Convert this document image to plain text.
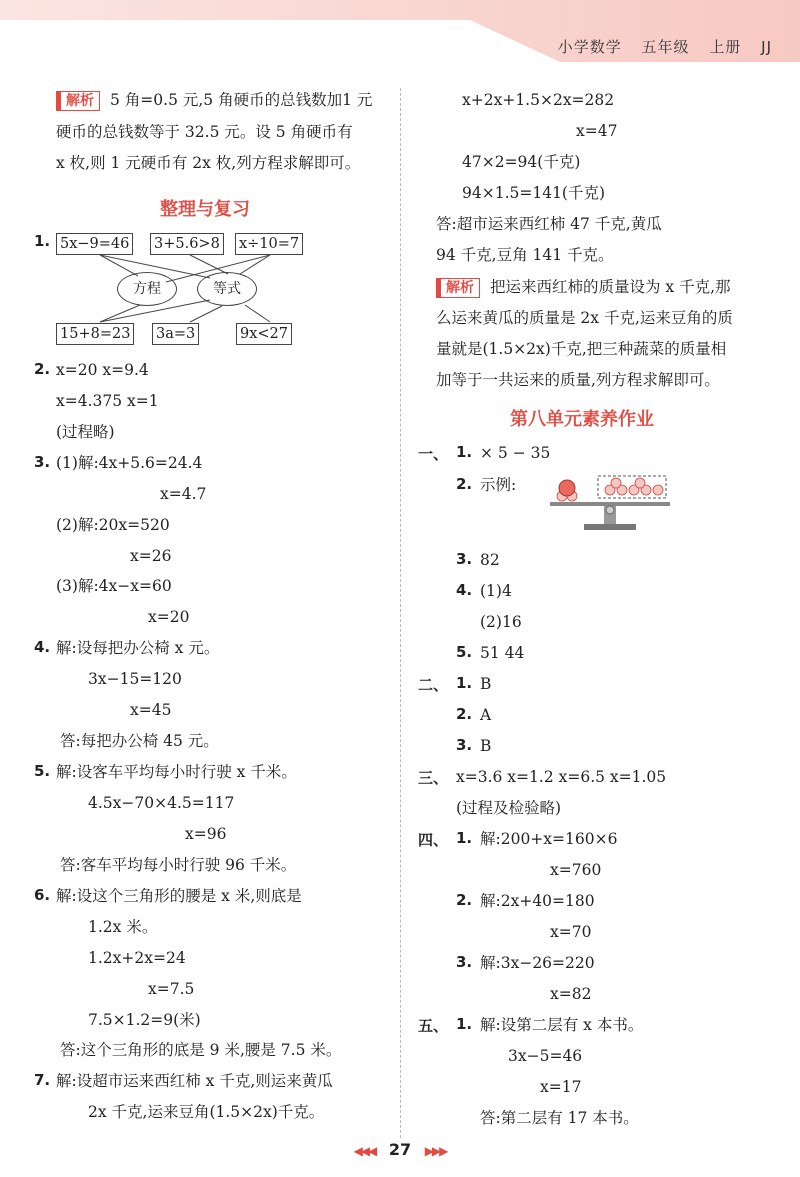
小学数学 五年级 上册 JJ
解析 5 角=0.5 元,5 角硬币的总钱数加1 元
硬币的总钱数等于 32.5 元。设 5 角硬币有
x 枚,则 1 元硬币有 2x 枚,列方程求解即可。
整理与复习
1. 5x−9=46 3+5.6>8 x÷10=7
方程	等式
15+8=23 3a=3	9x<27
2. x=20 x=9.4
x=4.375 x=1
(过程略)
3. (1)解:4x+5.6=24.4
x=4.7
(2)解:20x=520
x=26
(3)解:4x−x=60
x=20
4. 解:设每把办公椅 x 元。
3x−15=120
x=45
答:每把办公椅 45 元。
5. 解:设客车平均每小时行驶 x 千米。
4.5x−70×4.5=117
x=96
答:客车平均每小时行驶 96 千米。
6. 解:设这个三角形的腰是 x 米,则底是
1.2x 米。
1.2x+2x=24
x=7.5
7.5×1.2=9(米)
答:这个三角形的底是 9 米,腰是 7.5 米。
7. 解:设超市运来西红柿 x 千克,则运来黄瓜
2x 千克,运来豆角(1.5×2x)千克。
x+2x+1.5×2x=282
x=47
47×2=94(千克)
94×1.5=141(千克)
答:超市运来西红柿 47 千克,黄瓜
94 千克,豆角 141 千克。
解析 把运来西红柿的质量设为 x 千克,那
么运来黄瓜的质量是 2x 千克,运来豆角的质
量就是(1.5×2x)千克,把三种蔬菜的质量相
加等于一共运来的质量,列方程求解即可。
第八单元素养作业
一、 1. × 5 − 35
2. 示例:
3. 82
4. (1)4
(2)16
5. 51 44
二、 1. B
2. A
3. B
三、 x=3.6 x=1.2 x=6.5 x=1.05
(过程及检验略)
四、 1. 解:200+x=160×6
x=760
2. 解:2x+40=180
x=70
3. 解:3x−26=220
x=82
五、 1. 解:设第二层有 x 本书。
3x−5=46
x=17
答:第二层有 17 本书。
◀◀◀ 27 ▶▶▶
